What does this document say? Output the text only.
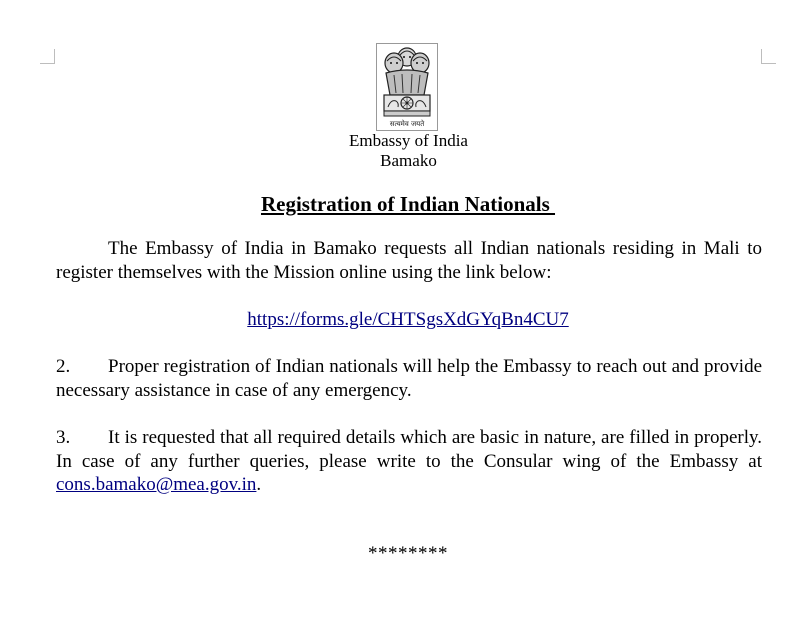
सत्यमेव जयते
Embassy of India
Bamako
Registration of Indian Nationals
The Embassy of India in Bamako requests all Indian nationals residing in Mali to register themselves with the Mission online using the link below:
https://forms.gle/CHTSgsXdGYqBn4CU7
2. Proper registration of Indian nationals will help the Embassy to reach out and provide necessary assistance in case of any emergency.
3. It is requested that all required details which are basic in nature, are filled in properly. In case of any further queries, please write to the Consular wing of the Embassy at cons.bamako@mea.gov.in.
********
